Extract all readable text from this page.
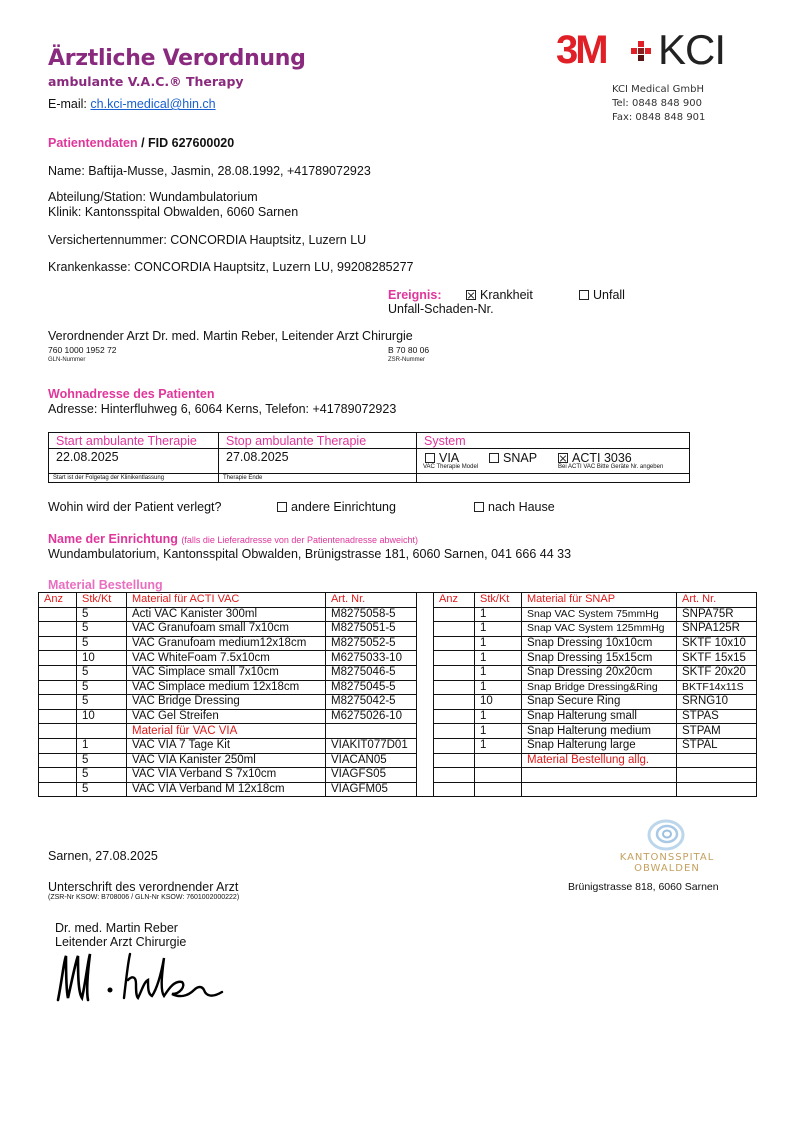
Ärztliche Verordnung
ambulante V.A.C.® Therapy
E-mail: ch.kci-medical@hin.ch
3M KCI
KCI Medical GmbH
Tel: 0848 848 900
Fax: 0848 848 901
Patientendaten / FID 627600020
Name: Baftija-Musse, Jasmin, 28.08.1992, +41789072923
Abteilung/Station: Wundambulatorium
Klinik: Kantonsspital Obwalden, 6060 Sarnen
Versichertennummer: CONCORDIA Hauptsitz, Luzern LU
Krankenkasse: CONCORDIA Hauptsitz, Luzern LU, 99208285277
Ereignis:	Krankheit	Unfall
Unfall-Schaden-Nr.
Verordnender Arzt Dr. med. Martin Reber, Leitender Arzt Chirurgie
760 1000 1952 72
GLN-Nummer
B 70 80 06
ZSR-Nummer
Wohnadresse des Patienten
Adresse: Hinterfluhweg 6, 6064 Kerns, Telefon: +41789072923
Start ambulante Therapie	Stop ambulante Therapie	System
22.08.2025	27.08.2025	VIA	SNAP	ACTI 3036
VAC Therapie Model	Bei ACTI VAC Bitte Geräte Nr. angeben
Start ist der Folgetag der Klinikentlassung	Therapie Ende
Wohin wird der Patient verlegt?	andere Einrichtung	nach Hause
Name der Einrichtung (falls die Lieferadresse von der Patientenadresse abweicht)
Wundambulatorium, Kantonsspital Obwalden, Brünigstrasse 181, 6060 Sarnen, 041 666 44 33
Material Bestellung
Anz	Stk/Kt	Material für ACTI VAC	Art. Nr.		Anz	Stk/Kt	Material für SNAP	Art. Nr.
	5	Acti VAC Kanister 300ml	M8275058-5			1	Snap VAC System 75mmHg	SNPA75R
	5	VAC Granufoam small 7x10cm	M8275051-5			1	Snap VAC System 125mmHg	SNPA125R
	5	VAC Granufoam medium12x18cm	M8275052-5			1	Snap Dressing 10x10cm	SKTF 10x10
	10	VAC WhiteFoam 7.5x10cm	M6275033-10			1	Snap Dressing 15x15cm	SKTF 15x15
	5	VAC Simplace small 7x10cm	M8275046-5			1	Snap Dressing 20x20cm	SKTF 20x20
	5	VAC Simplace medium 12x18cm	M8275045-5			1	Snap Bridge Dressing&Ring	BKTF14x11S
	5	VAC Bridge Dressing	M8275042-5			10	Snap Secure Ring	SRNG10
	10	VAC Gel Streifen	M6275026-10			1	Snap Halterung small	STPAS
		Material für VAC VIA				1	Snap Halterung medium	STPAM
	1	VAC VIA 7 Tage Kit	VIAKIT077D01			1	Snap Halterung large	STPAL
	5	VAC VIA Kanister 250ml	VIACAN05				Material Bestellung allg.	
	5	VAC VIA Verband S 7x10cm	VIAGFS05					
	5	VAC VIA Verband M 12x18cm	VIAGFM05					
Sarnen, 27.08.2025
Unterschrift des verordnender Arzt
(ZSR-Nr KSOW: B708006 / GLN-Nr KSOW: 7601002000222)
KANTONSSPITAL
OBWALDEN
Brünigstrasse 818, 6060 Sarnen
Dr. med. Martin Reber
Leitender Arzt Chirurgie
